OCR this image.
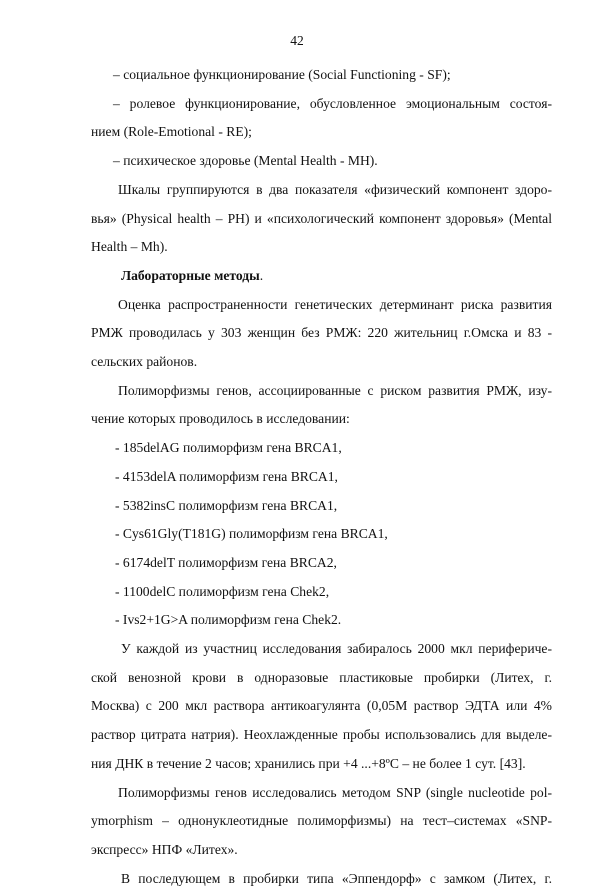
42

– социальное функционирование (Social Functioning - SF);

– ролевое функционирование, обусловленное эмоциональным состоя-

нием (Role-Emotional - RE);

– психическое здоровье (Mental Health - MH).

Шкалы группируются в два показателя «физический компонент здоро-

вья» (Physical health – PH) и «психологический компонент здоровья» (Mental

Health – Mh).

Лабораторные методы.

Оценка распространенности генетических детерминант риска развития

РМЖ проводилась у 303 женщин без РМЖ: 220 жительниц г.Омска и 83 -

сельских районов.

Полиморфизмы генов, ассоциированные с риском развития РМЖ, изу-

чение которых проводилось в исследовании:

- 185delAG полиморфизм гена BRCA1,

- 4153delA полиморфизм гена BRCA1,

- 5382insC полиморфизм гена BRCA1,

- Cys61Gly(T181G) полиморфизм гена BRCA1,

- 6174delT полиморфизм гена BRCA2,

- 1100delC полиморфизм гена Chek2,

- Ivs2+1G>A полиморфизм гена Chek2.

У каждой из участниц исследования забиралось 2000 мкл перифериче-

ской венозной крови в одноразовые пластиковые пробирки (Литех, г.

Москва) с 200 мкл раствора антикоагулянта (0,05М раствор ЭДТА или 4%

раствор цитрата натрия). Неохлажденные пробы использовались для выделе-

ния ДНК в течение 2 часов; хранились при +4 ...+8ºС – не более 1 сут. [43].

Полиморфизмы генов исследовались методом SNP (single nucleotide pol-

ymorphism – однонуклеотидные полиморфизмы) на тест–системах «SNP-

экспресс» НПФ «Литех».

В последующем в пробирки типа «Эппендорф» с замком (Литех, г.
